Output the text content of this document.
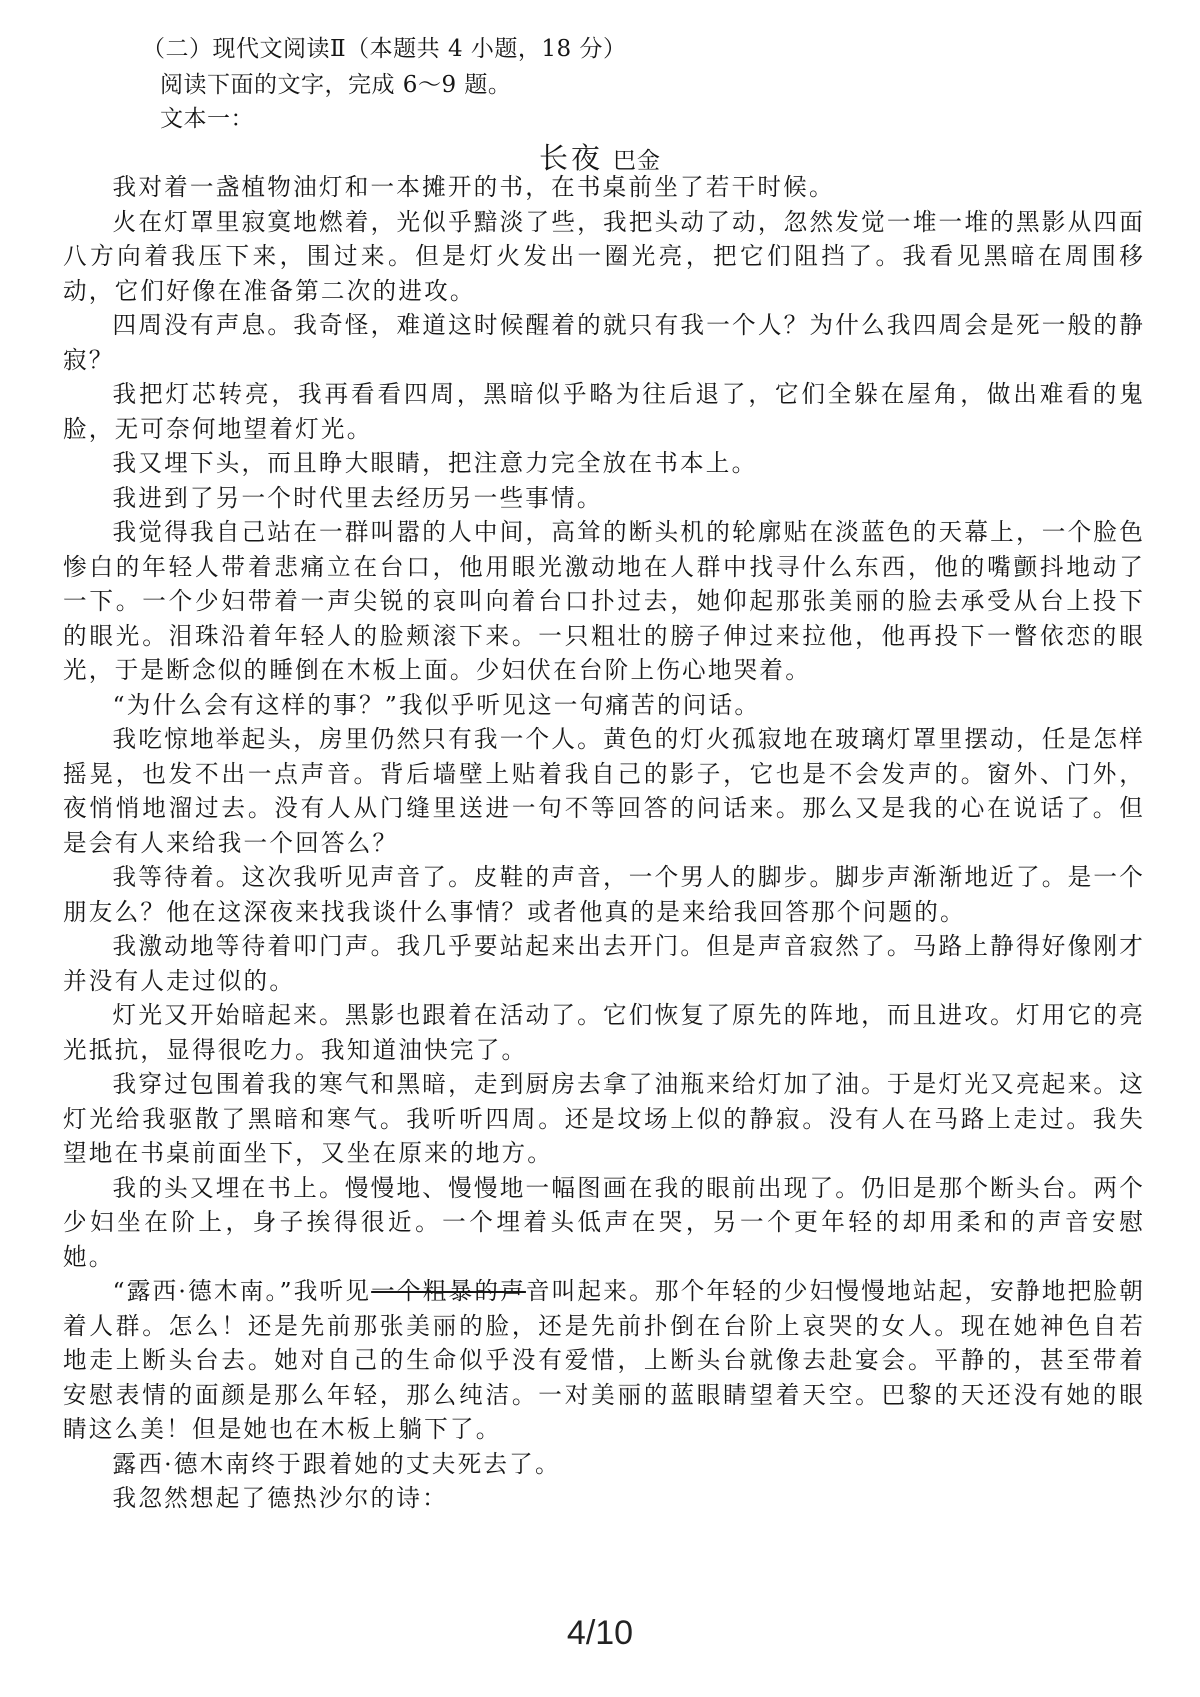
（二）现代文阅读Ⅱ（本题共 4 小题，18 分）
阅读下面的文字，完成 6～9 题。
文本一：
长夜 巴金

我对着一盏植物油灯和一本摊开的书，在书桌前坐了若干时候。

火在灯罩里寂寞地燃着，光似乎黯淡了些，我把头动了动，忽然发觉一堆一堆的黑影从四面八方向着我压下来，围过来。但是灯火发出一圈光亮，把它们阻挡了。我看见黑暗在周围移动，它们好像在准备第二次的进攻。

四周没有声息。我奇怪，难道这时候醒着的就只有我一个人？为什么我四周会是死一般的静寂？

我把灯芯转亮，我再看看四周，黑暗似乎略为往后退了，它们全躲在屋角，做出难看的鬼脸，无可奈何地望着灯光。

我又埋下头，而且睁大眼睛，把注意力完全放在书本上。

我进到了另一个时代里去经历另一些事情。

我觉得我自己站在一群叫嚣的人中间，高耸的断头机的轮廓贴在淡蓝色的天幕上，一个脸色惨白的年轻人带着悲痛立在台口，他用眼光激动地在人群中找寻什么东西，他的嘴颤抖地动了一下。一个少妇带着一声尖锐的哀叫向着台口扑过去，她仰起那张美丽的脸去承受从台上投下的眼光。泪珠沿着年轻人的脸颊滚下来。一只粗壮的膀子伸过来拉他，他再投下一瞥依恋的眼光，于是断念似的睡倒在木板上面。少妇伏在台阶上伤心地哭着。

“为什么会有这样的事？”我似乎听见这一句痛苦的问话。

我吃惊地举起头，房里仍然只有我一个人。黄色的灯火孤寂地在玻璃灯罩里摆动，任是怎样摇晃，也发不出一点声音。背后墙壁上贴着我自己的影子，它也是不会发声的。窗外、门外，夜悄悄地溜过去。没有人从门缝里送进一句不等回答的问话来。那么又是我的心在说话了。但是会有人来给我一个回答么？

我等待着。这次我听见声音了。皮鞋的声音，一个男人的脚步。脚步声渐渐地近了。是一个朋友么？他在这深夜来找我谈什么事情？或者他真的是来给我回答那个问题的。

我激动地等待着叩门声。我几乎要站起来出去开门。但是声音寂然了。马路上静得好像刚才并没有人走过似的。

灯光又开始暗起来。黑影也跟着在活动了。它们恢复了原先的阵地，而且进攻。灯用它的亮光抵抗，显得很吃力。我知道油快完了。

我穿过包围着我的寒气和黑暗，走到厨房去拿了油瓶来给灯加了油。于是灯光又亮起来。这灯光给我驱散了黑暗和寒气。我听听四周。还是坟场上似的静寂。没有人在马路上走过。我失望地在书桌前面坐下，又坐在原来的地方。

我的头又埋在书上。慢慢地、慢慢地一幅图画在我的眼前出现了。仍旧是那个断头台。两个少妇坐在阶上，身子挨得很近。一个埋着头低声在哭，另一个更年轻的却用柔和的声音安慰她。

“露西·德木南。”我听见一个粗暴的声音叫起来。那个年轻的少妇慢慢地站起，安静地把脸朝着人群。怎么！还是先前那张美丽的脸，还是先前扑倒在台阶上哀哭的女人。现在她神色自若地走上断头台去。她对自己的生命似乎没有爱惜，上断头台就像去赴宴会。平静的，甚至带着安慰表情的面颜是那么年轻，那么纯洁。一对美丽的蓝眼睛望着天空。巴黎的天还没有她的眼睛这么美！但是她也在木板上躺下了。

露西·德木南终于跟着她的丈夫死去了。

我忽然想起了德热沙尔的诗：

4/10
